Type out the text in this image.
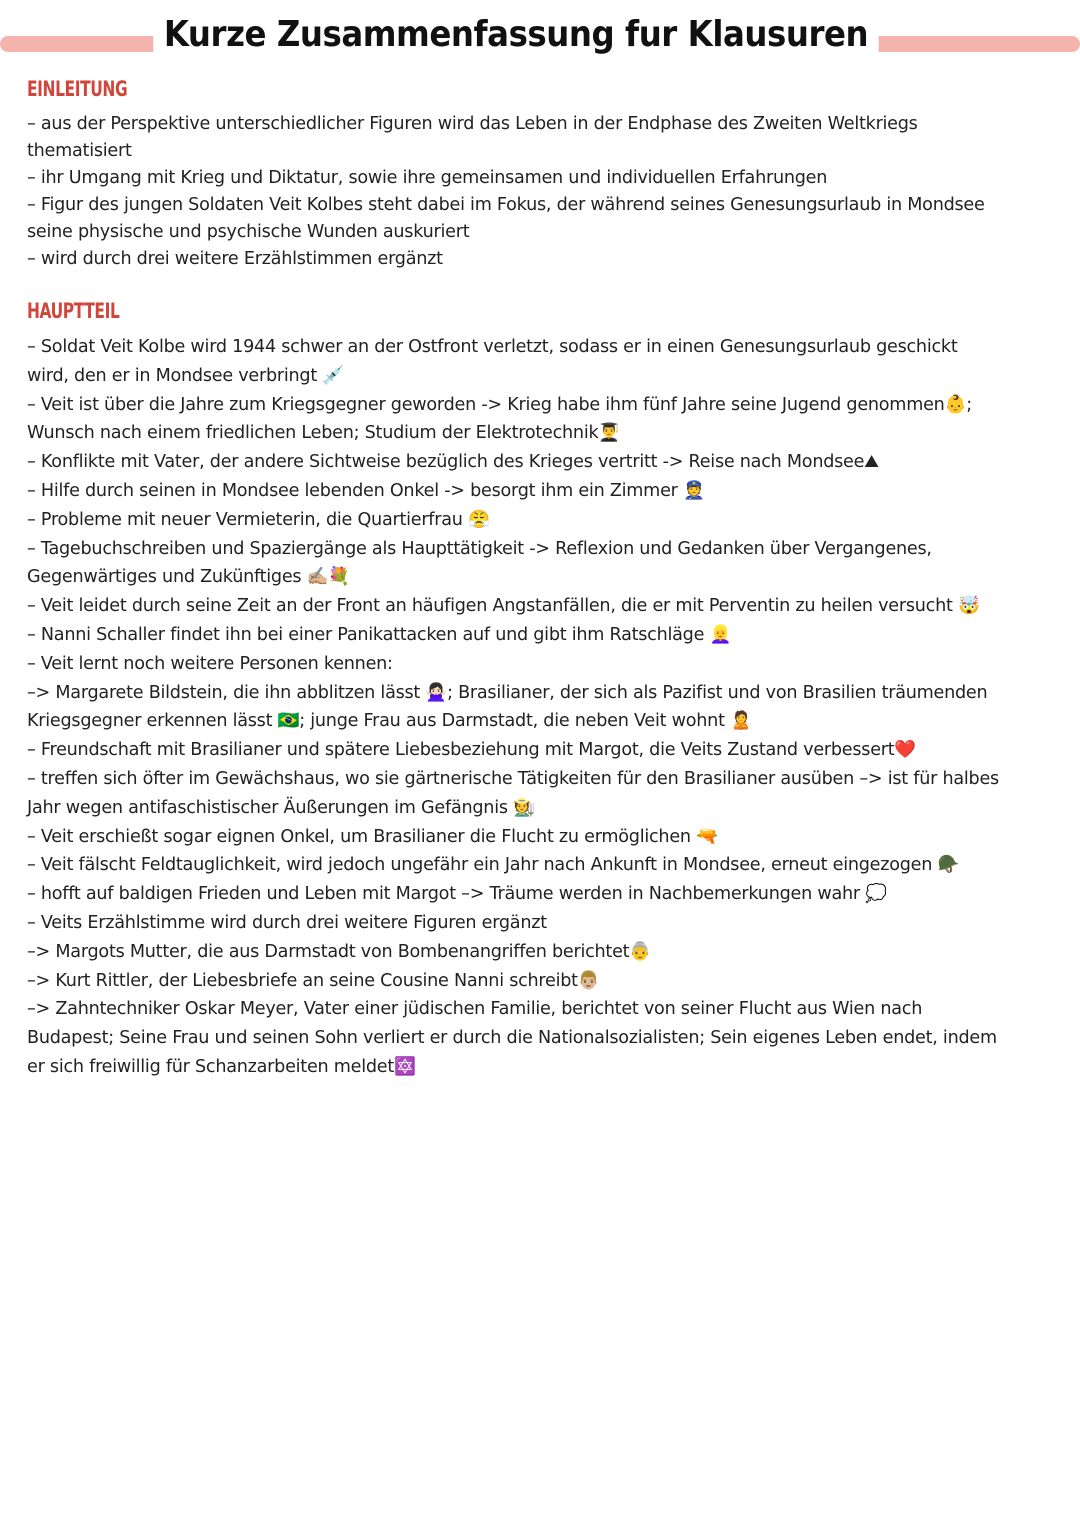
Kurze Zusammenfassung fur Klausuren
EINLEITUNG
– aus der Perspektive unterschiedlicher Figuren wird das Leben in der Endphase des Zweiten Weltkriegs
thematisiert
– ihr Umgang mit Krieg und Diktatur, sowie ihre gemeinsamen und individuellen Erfahrungen
– Figur des jungen Soldaten Veit Kolbes steht dabei im Fokus, der während seines Genesungsurlaub in Mondsee
seine physische und psychische Wunden auskuriert
– wird durch drei weitere Erzählstimmen ergänzt
HAUPTTEIL
– Soldat Veit Kolbe wird 1944 schwer an der Ostfront verletzt, sodass er in einen Genesungsurlaub geschickt
wird, den er in Mondsee verbringt 💉
– Veit ist über die Jahre zum Kriegsgegner geworden -> Krieg habe ihm fünf Jahre seine Jugend genommen👶;
Wunsch nach einem friedlichen Leben; Studium der Elektrotechnik👨‍🎓
– Konflikte mit Vater, der andere Sichtweise bezüglich des Krieges vertritt -> Reise nach Mondsee⛰
– Hilfe durch seinen in Mondsee lebenden Onkel -> besorgt ihm ein Zimmer 👮
– Probleme mit neuer Vermieterin, die Quartierfrau 😤
– Tagebuchschreiben und Spaziergänge als Haupttätigkeit -> Reflexion und Gedanken über Vergangenes,
Gegenwärtiges und Zukünftiges ✍🏼💐
– Veit leidet durch seine Zeit an der Front an häufigen Angstanfällen, die er mit Perventin zu heilen versucht 🤯
– Nanni Schaller findet ihn bei einer Panikattacken auf und gibt ihm Ratschläge 👱‍♀️
– Veit lernt noch weitere Personen kennen:
–> Margarete Bildstein, die ihn abblitzen lässt 🙅🏻‍♀️; Brasilianer, der sich als Pazifist und von Brasilien träumenden
Kriegsgegner erkennen lässt 🇧🇷; junge Frau aus Darmstadt, die neben Veit wohnt 🙎
– Freundschaft mit Brasilianer und spätere Liebesbeziehung mit Margot, die Veits Zustand verbessert❤️
– treffen sich öfter im Gewächshaus, wo sie gärtnerische Tätigkeiten für den Brasilianer ausüben –> ist für halbes
Jahr wegen antifaschistischer Äußerungen im Gefängnis 🧑‍🌾
– Veit erschießt sogar eignen Onkel, um Brasilianer die Flucht zu ermöglichen 🔫
– Veit fälscht Feldtauglichkeit, wird jedoch ungefähr ein Jahr nach Ankunft in Mondsee, erneut eingezogen 🪖
– hofft auf baldigen Frieden und Leben mit Margot –> Träume werden in Nachbemerkungen wahr 💭
– Veits Erzählstimme wird durch drei weitere Figuren ergänzt
–> Margots Mutter, die aus Darmstadt von Bombenangriffen berichtet👵
–> Kurt Rittler, der Liebesbriefe an seine Cousine Nanni schreibt👨🏼
–> Zahntechniker Oskar Meyer, Vater einer jüdischen Familie, berichtet von seiner Flucht aus Wien nach
Budapest; Seine Frau und seinen Sohn verliert er durch die Nationalsozialisten; Sein eigenes Leben endet, indem
er sich freiwillig für Schanzarbeiten meldet🔯
